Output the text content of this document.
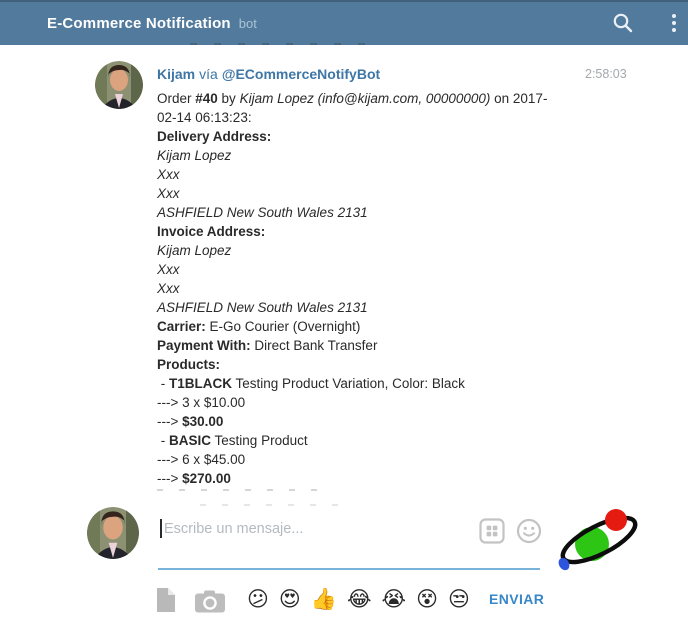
E-Commerce Notification bot
Kijam vía @ECommerceNotifyBot	2:58:03
Order #40 by Kijam Lopez (info@kijam.com, 00000000) on 2017-02-14 06:13:23:
Delivery Address:
Kijam Lopez
Xxx
Xxx
ASHFIELD New South Wales 2131
Invoice Address:
Kijam Lopez
Xxx
Xxx
ASHFIELD New South Wales 2131
Carrier: E-Go Courier (Overnight)
Payment With: Direct Bank Transfer
Products:
- T1BLACK Testing Product Variation, Color: Black
---> 3 x $10.00
---> $30.00
- BASIC Testing Product
---> 6 x $45.00
---> $270.00
Escribe un mensaje...
😕 😍 👍 😂 😭 😵 😒 ENVIAR
